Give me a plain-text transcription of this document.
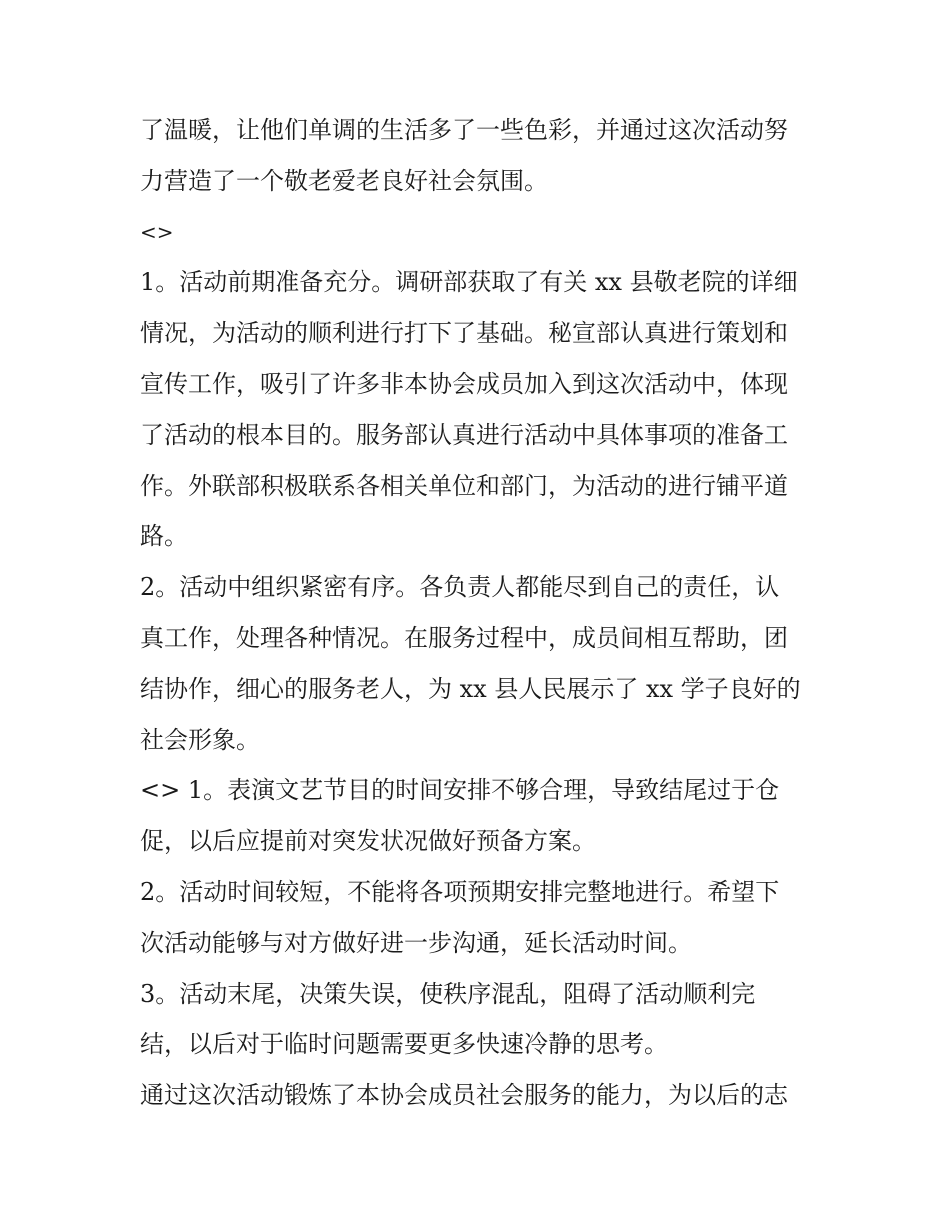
了温暖，让他们单调的生活多了一些色彩，并通过这次活动努
力营造了一个敬老爱老良好社会氛围。
<>
1。活动前期准备充分。调研部获取了有关 xx 县敬老院的详细
情况，为活动的顺利进行打下了基础。秘宣部认真进行策划和
宣传工作，吸引了许多非本协会成员加入到这次活动中，体现
了活动的根本目的。服务部认真进行活动中具体事项的准备工
作。外联部积极联系各相关单位和部门，为活动的进行铺平道
路。
2。活动中组织紧密有序。各负责人都能尽到自己的责任，认
真工作，处理各种情况。在服务过程中，成员间相互帮助，团
结协作，细心的服务老人，为 xx 县人民展示了 xx 学子良好的
社会形象。
<> 1。表演文艺节目的时间安排不够合理，导致结尾过于仓
促，以后应提前对突发状况做好预备方案。
2。活动时间较短，不能将各项预期安排完整地进行。希望下
次活动能够与对方做好进一步沟通，延长活动时间。
3。活动末尾，决策失误，使秩序混乱，阻碍了活动顺利完
结，以后对于临时问题需要更多快速冷静的思考。
通过这次活动锻炼了本协会成员社会服务的能力，为以后的志
